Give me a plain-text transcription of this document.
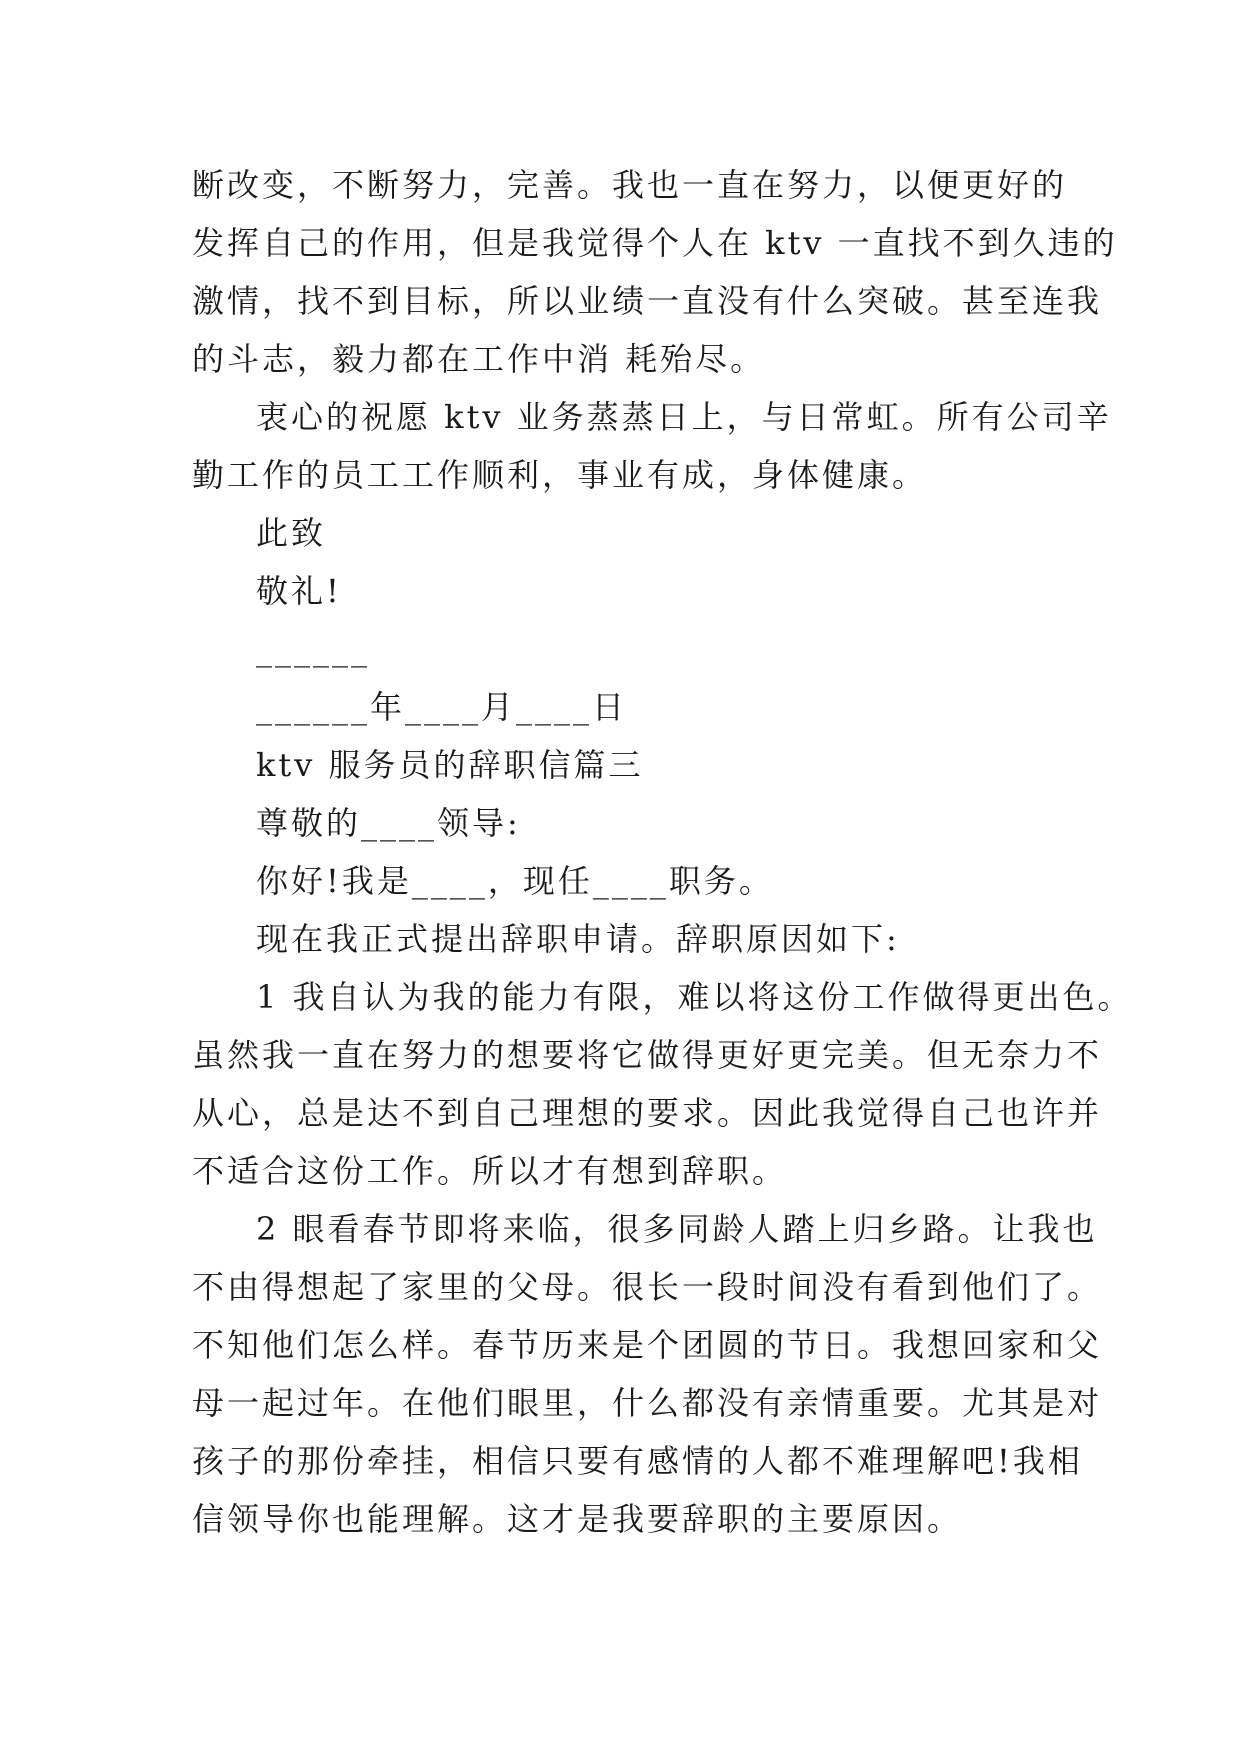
断改变，不断努力，完善。我也一直在努力，以便更好的
发挥自己的作用，但是我觉得个人在 ktv 一直找不到久违的
激情，找不到目标，所以业绩一直没有什么突破。甚至连我
的斗志，毅力都在工作中消 耗殆尽。
衷心的祝愿 ktv 业务蒸蒸日上，与日常虹。所有公司辛
勤工作的员工工作顺利，事业有成，身体健康。
此致
敬礼!
______
______年____月____日
ktv 服务员的辞职信篇三
尊敬的____领导:
你好!我是____，现任____职务。
现在我正式提出辞职申请。辞职原因如下:
1 我自认为我的能力有限，难以将这份工作做得更出色。
虽然我一直在努力的想要将它做得更好更完美。但无奈力不
从心，总是达不到自己理想的要求。因此我觉得自己也许并
不适合这份工作。所以才有想到辞职。
2 眼看春节即将来临，很多同龄人踏上归乡路。让我也
不由得想起了家里的父母。很长一段时间没有看到他们了。
不知他们怎么样。春节历来是个团圆的节日。我想回家和父
母一起过年。在他们眼里，什么都没有亲情重要。尤其是对
孩子的那份牵挂，相信只要有感情的人都不难理解吧!我相
信领导你也能理解。这才是我要辞职的主要原因。
